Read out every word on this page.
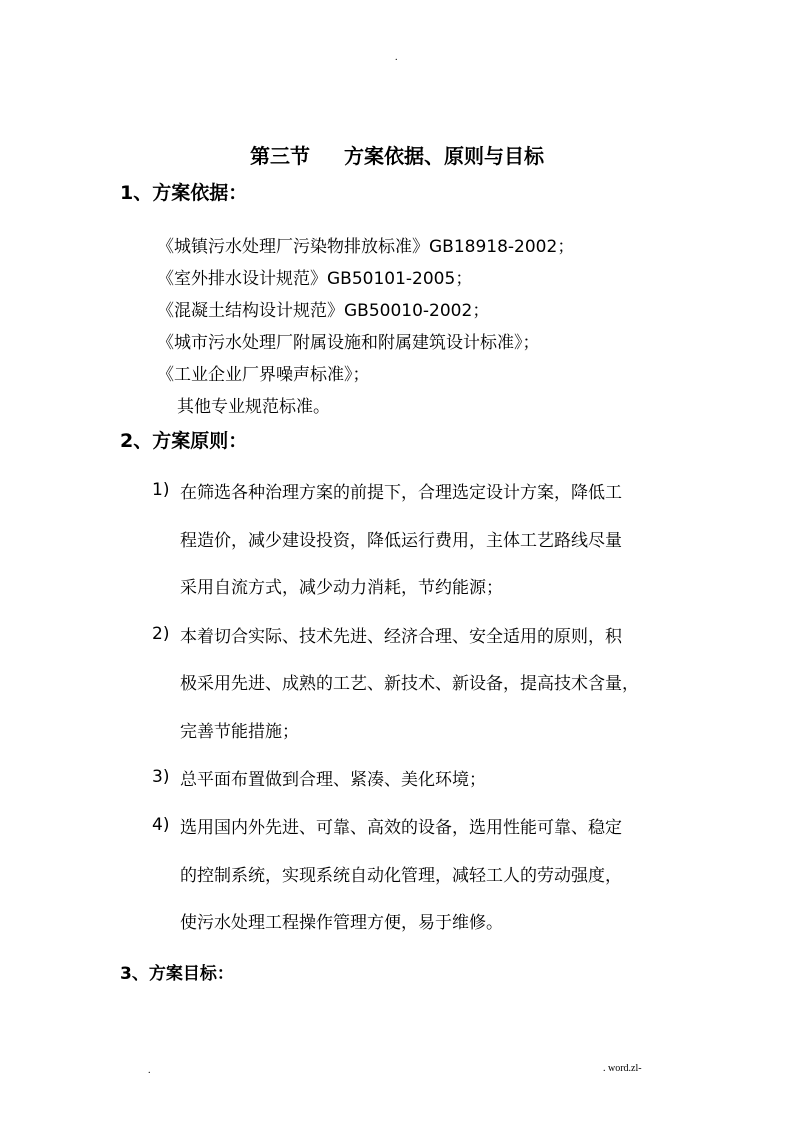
.
第三节 方案依据、原则与目标
1、方案依据：
《城镇污水处理厂污染物排放标准》GB18918-2002；
《室外排水设计规范》GB50101-2005；
《混凝土结构设计规范》GB50010-2002；
《城市污水处理厂附属设施和附属建筑设计标准》；
《工业企业厂界噪声标准》；
其他专业规范标准。
2、方案原则：
1) 在筛选各种治理方案的前提下，合理选定设计方案，降低工
程造价，减少建设投资，降低运行费用，主体工艺路线尽量
采用自流方式，减少动力消耗，节约能源；
2) 本着切合实际、技术先进、经济合理、安全适用的原则，积
极采用先进、成熟的工艺、新技术、新设备，提高技术含量，
完善节能措施；
3) 总平面布置做到合理、紧凑、美化环境；
4) 选用国内外先进、可靠、高效的设备，选用性能可靠、稳定
的控制系统，实现系统自动化管理，减轻工人的劳动强度，
使污水处理工程操作管理方便，易于维修。
3、方案目标：
.	. word.zl-
